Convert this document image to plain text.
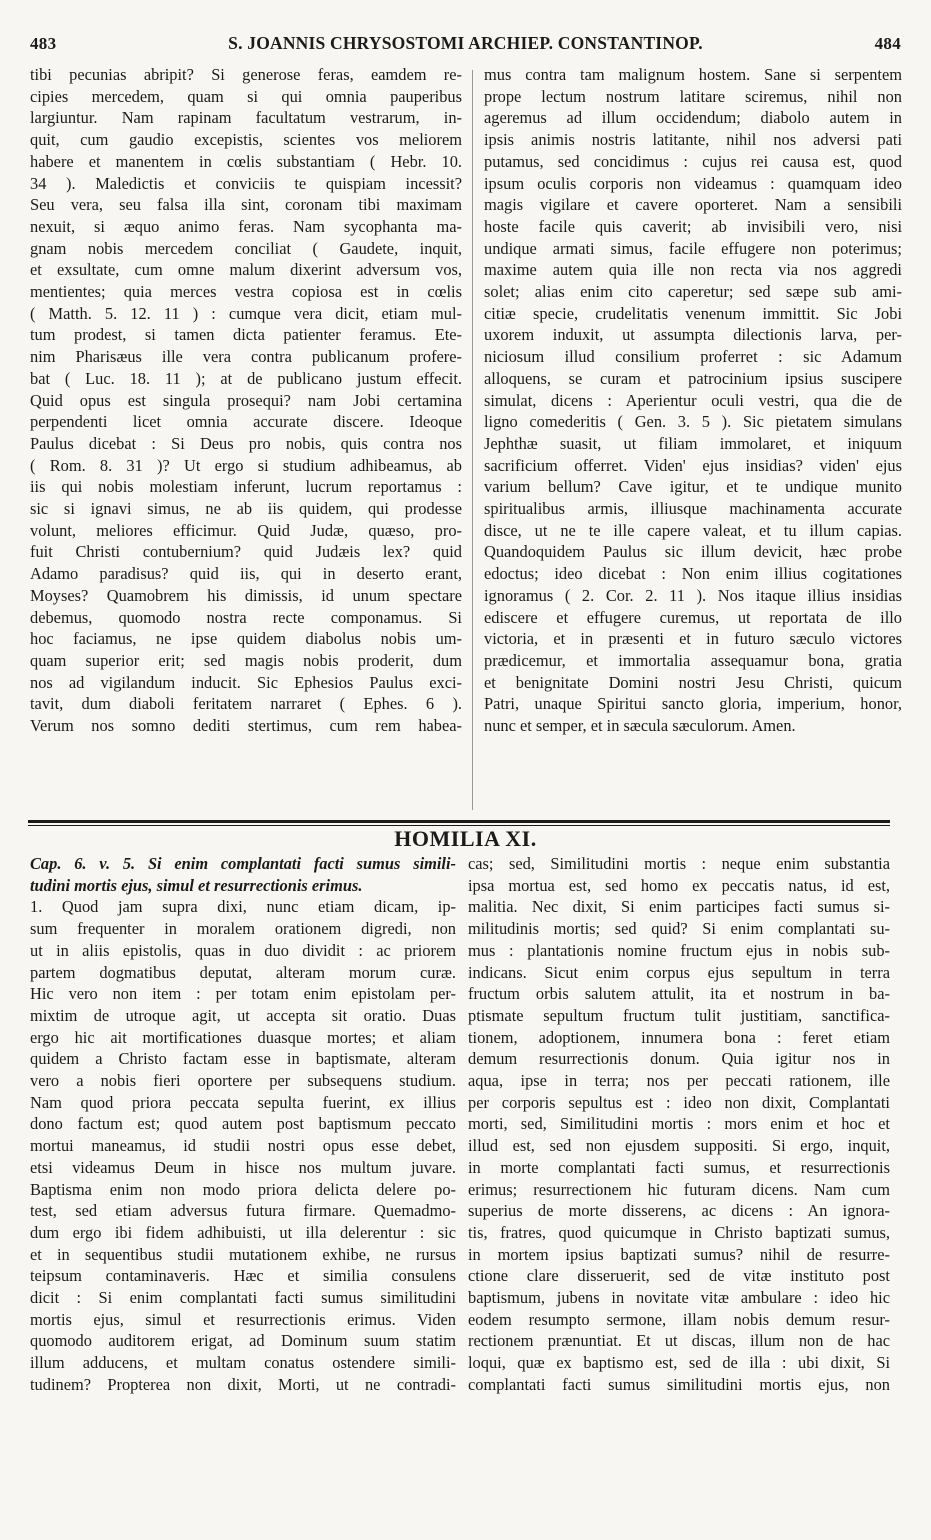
483	S. JOANNIS CHRYSOSTOMI ARCHIEP. CONSTANTINOP.	484
tibi pecunias abripit? Si generose feras, eamdem re-
cipies mercedem, quam si qui omnia pauperibus
largiuntur. Nam rapinam facultatum vestrarum, in-
quit, cum gaudio excepistis, scientes vos meliorem
habere et manentem in cœlis substantiam ( Hebr. 10.
34 ). Maledictis et conviciis te quispiam incessit?
Seu vera, seu falsa illa sint, coronam tibi maximam
nexuit, si æquo animo feras. Nam sycophanta ma-
gnam nobis mercedem conciliat ( Gaudete, inquit,
et exsultate, cum omne malum dixerint adversum vos,
mentientes; quia merces vestra copiosa est in cœlis
( Matth. 5. 12. 11 ) : cumque vera dicit, etiam mul-
tum prodest, si tamen dicta patienter feramus. Ete-
nim Pharisæus ille vera contra publicanum profere-
bat ( Luc. 18. 11 ); at de publicano justum effecit.
Quid opus est singula prosequi? nam Jobi certamina
perpendenti licet omnia accurate discere. Ideoque
Paulus dicebat : Si Deus pro nobis, quis contra nos
( Rom. 8. 31 )? Ut ergo si studium adhibeamus, ab
iis qui nobis molestiam inferunt, lucrum reportamus :
sic si ignavi simus, ne ab iis quidem, qui prodesse
volunt, meliores efficimur. Quid Judæ, quæso, pro-
fuit Christi contubernium? quid Judæis lex? quid
Adamo paradisus? quid iis, qui in deserto erant,
Moyses? Quamobrem his dimissis, id unum spectare
debemus, quomodo nostra recte componamus. Si
hoc faciamus, ne ipse quidem diabolus nobis um-
quam superior erit; sed magis nobis proderit, dum
nos ad vigilandum inducit. Sic Ephesios Paulus exci-
tavit, dum diaboli feritatem narraret ( Ephes. 6 ).
Verum nos somno dediti stertimus, cum rem habea-
mus contra tam malignum hostem. Sane si serpentem
prope lectum nostrum latitare sciremus, nihil non
ageremus ad illum occidendum; diabolo autem in
ipsis animis nostris latitante, nihil nos adversi pati
putamus, sed concidimus : cujus rei causa est, quod
ipsum oculis corporis non videamus : quamquam ideo
magis vigilare et cavere oporteret. Nam a sensibili
hoste facile quis caverit; ab invisibili vero, nisi
undique armati simus, facile effugere non poterimus;
maxime autem quia ille non recta via nos aggredi
solet; alias enim cito caperetur; sed sæpe sub ami-
citiæ specie, crudelitatis venenum immittit. Sic Jobi
uxorem induxit, ut assumpta dilectionis larva, per-
niciosum illud consilium proferret : sic Adamum
alloquens, se curam et patrocinium ipsius suscipere
simulat, dicens : Aperientur oculi vestri, qua die de
ligno comederitis ( Gen. 3. 5 ). Sic pietatem simulans
Jephthæ suasit, ut filiam immolaret, et iniquum
sacrificium offerret. Viden' ejus insidias? viden' ejus
varium bellum? Cave igitur, et te undique munito
spiritualibus armis, illiusque machinamenta accurate
disce, ut ne te ille capere valeat, et tu illum capias.
Quandoquidem Paulus sic illum devicit, hæc probe
edoctus; ideo dicebat : Non enim illius cogitationes
ignoramus ( 2. Cor. 2. 11 ). Nos itaque illius insidias
ediscere et effugere curemus, ut reportata de illo
victoria, et in præsenti et in futuro sæculo victores
prædicemur, et immortalia assequamur bona, gratia
et benignitate Domini nostri Jesu Christi, quicum
Patri, unaque Spiritui sancto gloria, imperium, honor,
nunc et semper, et in sæcula sæculorum. Amen.
HOMILIA XI.
Cap. 6. v. 5. Si enim complantati facti sumus simili-
tudini mortis ejus, simul et resurrectionis erimus.
1. Quod jam supra dixi, nunc etiam dicam, ip-
sum frequenter in moralem orationem digredi, non
ut in aliis epistolis, quas in duo dividit : ac priorem
partem dogmatibus deputat, alteram morum curæ.
Hic vero non item : per totam enim epistolam per-
mixtim de utroque agit, ut accepta sit oratio. Duas
ergo hic ait mortificationes duasque mortes; et aliam
quidem a Christo factam esse in baptismate, alteram
vero a nobis fieri oportere per subsequens studium.
Nam quod priora peccata sepulta fuerint, ex illius
dono factum est; quod autem post baptismum peccato
mortui maneamus, id studii nostri opus esse debet,
etsi videamus Deum in hisce nos multum juvare.
Baptisma enim non modo priora delicta delere po-
test, sed etiam adversus futura firmare. Quemadmo-
dum ergo ibi fidem adhibuisti, ut illa delerentur : sic
et in sequentibus studii mutationem exhibe, ne rursus
teipsum contaminaveris. Hæc et similia consulens
dicit : Si enim complantati facti sumus similitudini
mortis ejus, simul et resurrectionis erimus. Viden
quomodo auditorem erigat, ad Dominum suum statim
illum adducens, et multam conatus ostendere simili-
tudinem? Propterea non dixit, Morti, ut ne contradi-
cas; sed, Similitudini mortis : neque enim substantia
ipsa mortua est, sed homo ex peccatis natus, id est,
malitia. Nec dixit, Si enim participes facti sumus si-
militudinis mortis; sed quid? Si enim complantati su-
mus : plantationis nomine fructum ejus in nobis sub-
indicans. Sicut enim corpus ejus sepultum in terra
fructum orbis salutem attulit, ita et nostrum in ba-
ptismate sepultum fructum tulit justitiam, sanctifica-
tionem, adoptionem, innumera bona : feret etiam
demum resurrectionis donum. Quia igitur nos in
aqua, ipse in terra; nos per peccati rationem, ille
per corporis sepultus est : ideo non dixit, Complantati
morti, sed, Similitudini mortis : mors enim et hoc et
illud est, sed non ejusdem suppositi. Si ergo, inquit,
in morte complantati facti sumus, et resurrectionis
erimus; resurrectionem hic futuram dicens. Nam cum
superius de morte disserens, ac dicens : An ignora-
tis, fratres, quod quicumque in Christo baptizati sumus,
in mortem ipsius baptizati sumus? nihil de resurre-
ctione clare disseruerit, sed de vitæ instituto post
baptismum, jubens in novitate vitæ ambulare : ideo hic
eodem resumpto sermone, illam nobis demum resur-
rectionem prænuntiat. Et ut discas, illum non de hac
loqui, quæ ex baptismo est, sed de illa : ubi dixit, Si
complantati facti sumus similitudini mortis ejus, non
